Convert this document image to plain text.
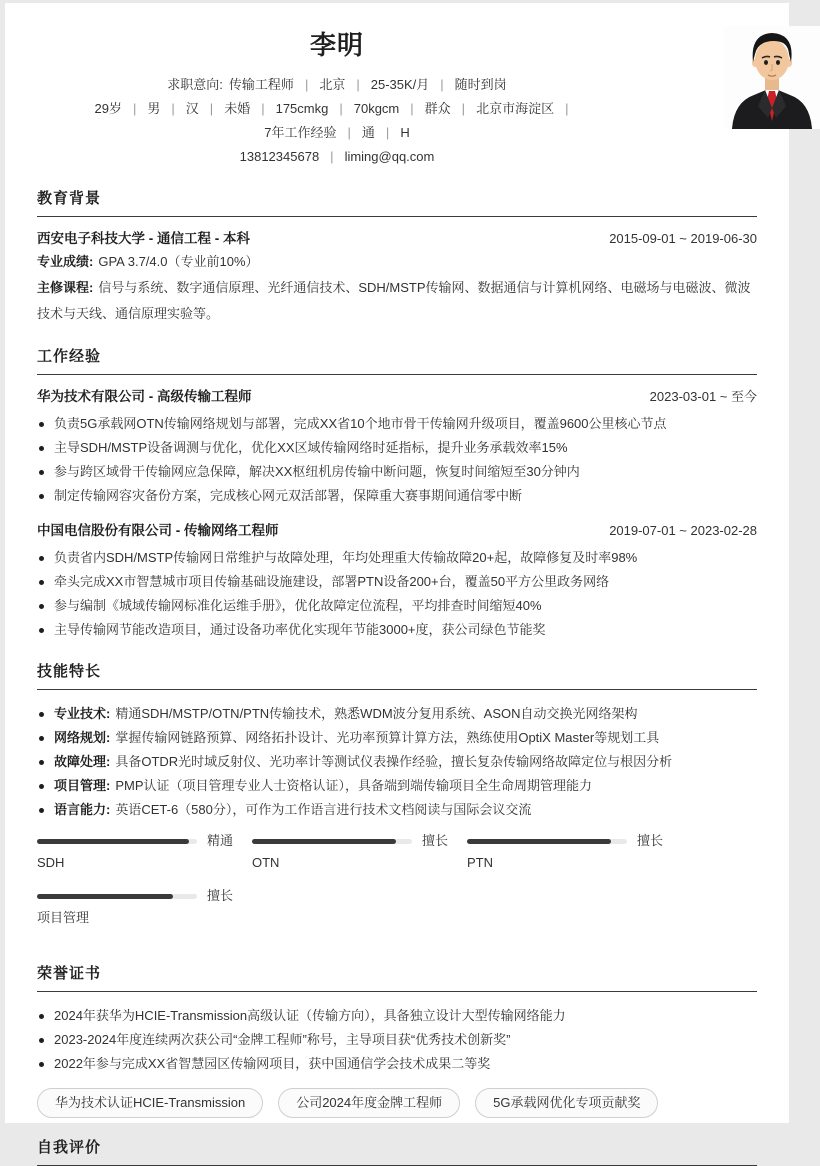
李明
求职意向: 传输工程师 | 北京 | 25-35K/月 | 随时到岗
29岁 | 男 | 汉 | 未婚 | 175cmkg | 70kgcm | 群众 | 北京市海淀区 |
7年工作经验 | 通 | H
13812345678 | liming@qq.com
教育背景
西安电子科技大学 - 通信工程 - 本科	2015-09-01 ~ 2019-06-30

专业成绩: GPA 3.7/4.0（专业前10%）

主修课程: 信号与系统、数字通信原理、光纤通信技术、SDH/MSTP传输网、数据通信与计算机网络、电磁场与电磁波、微波技术与天线、通信原理实验等。

工作经验
华为技术有限公司 - 高级传输工程师	2023-03-01 ~ 至今
负责5G承载网OTN传输网络规划与部署，完成XX省10个地市骨干传输网升级项目，覆盖9600公里核心节点
主导SDH/MSTP设备调测与优化，优化XX区域传输网络时延指标，提升业务承载效率15%
参与跨区域骨干传输网应急保障，解决XX枢纽机房传输中断问题，恢复时间缩短至30分钟内
制定传输网容灾备份方案，完成核心网元双活部署，保障重大赛事期间通信零中断
中国电信股份有限公司 - 传输网络工程师	2019-07-01 ~ 2023-02-28
负责省内SDH/MSTP传输网日常维护与故障处理，年均处理重大传输故障20+起，故障修复及时率98%
牵头完成XX市智慧城市项目传输基础设施建设，部署PTN设备200+台，覆盖50平方公里政务网络
参与编制《城域传输网标准化运维手册》，优化故障定位流程，平均排查时间缩短40%
主导传输网节能改造项目，通过设备功率优化实现年节能3000+度，获公司绿色节能奖
技能特长
专业技术: 精通SDH/MSTP/OTN/PTN传输技术，熟悉WDM波分复用系统、ASON自动交换光网络架构
网络规划: 掌握传输网链路预算、网络拓扑设计、光功率预算计算方法，熟练使用OptiX Master等规划工具
故障处理: 具备OTDR光时域反射仪、光功率计等测试仪表操作经验，擅长复杂传输网络故障定位与根因分析
项目管理: PMP认证（项目管理专业人士资格认证），具备端到端传输项目全生命周期管理能力
语言能力: 英语CET-6（580分），可作为工作语言进行技术文档阅读与国际会议交流
精通
SDH
擅长
OTN
擅长
PTN
擅长
项目管理
荣誉证书
2024年获华为HCIE-Transmission高级认证（传输方向），具备独立设计大型传输网络能力
2023-2024年度连续两次获公司“金牌工程师”称号，主导项目获“优秀技术创新奖”
2022年参与完成XX省智慧园区传输网项目，获中国通信学会技术成果二等奖
华为技术认证HCIE-Transmission	公司2024年度金牌工程师	5G承载网优化专项贡献奖
自我评价
